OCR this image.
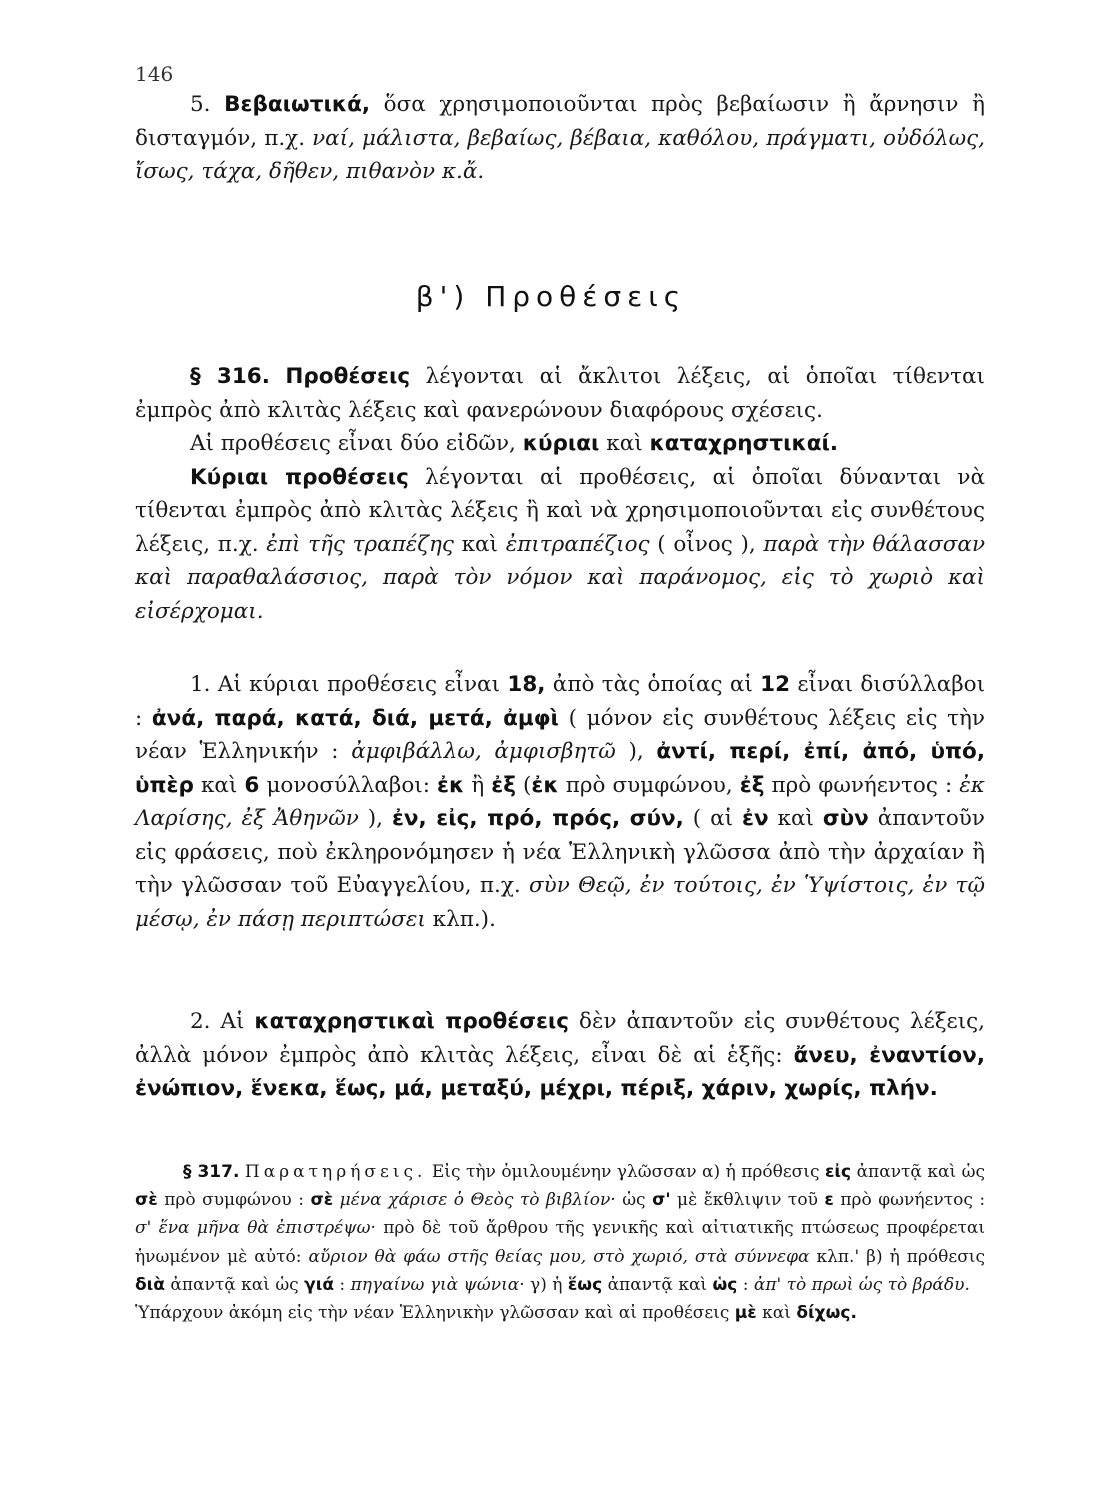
146

5. Βεβαιωτικά, ὅσα χρησιμοποιοῦνται πρὸς βεβαίωσιν ἢ ἄρνησιν ἢ δισταγμόν, π.χ. ναί, μάλιστα, βεβαίως, βέβαια, καθόλου, πράγματι, οὐδόλως, ἴσως, τάχα, δῆθεν, πιθανὸν κ.ἄ.

β') Προθέσεις

§ 316. Προθέσεις λέγονται αἱ ἄκλιτοι λέξεις, αἱ ὁποῖαι τίθενται ἐμπρὸς ἀπὸ κλιτὰς λέξεις καὶ φανερώνουν διαφόρους σχέσεις.
Αἱ προθέσεις εἶναι δύο εἰδῶν, κύριαι καὶ καταχρηστικαί.
Κύριαι προθέσεις λέγονται αἱ προθέσεις, αἱ ὁποῖαι δύνανται νὰ τίθενται ἐμπρὸς ἀπὸ κλιτὰς λέξεις ἢ καὶ νὰ χρησιμοποιοῦνται εἰς συνθέτους λέξεις, π.χ. ἐπὶ τῆς τραπέζης καὶ ἐπιτραπέζιος ( οἶνος ), παρὰ τὴν θάλασσαν καὶ παραθαλάσσιος, παρὰ τὸν νόμον καὶ παράνομος, εἰς τὸ χωριὸ καὶ εἰσέρχομαι.

1. Αἱ κύριαι προθέσεις εἶναι 18, ἀπὸ τὰς ὁποίας αἱ 12 εἶναι δισύλλαβοι : ἀνά, παρά, κατά, διά, μετά, ἀμφὶ ( μόνον εἰς συνθέτους λέξεις εἰς τὴν νέαν Ἑλληνικήν : ἀμφιβάλλω, ἀμφισβητῶ ), ἀντί, περί, ἐπί, ἀπό, ὑπό, ὑπὲρ καὶ 6 μονοσύλλαβοι: ἐκ ἢ ἐξ (ἐκ πρὸ συμφώνου, ἐξ πρὸ φωνήεντος : ἐκ Λαρίσης, ἐξ Ἀθηνῶν ), ἐν, εἰς, πρό, πρός, σύν, ( αἱ ἐν καὶ σὺν ἀπαντοῦν εἰς φράσεις, ποὺ ἐκληρονόμησεν ἡ νέα Ἑλληνικὴ γλῶσσα ἀπὸ τὴν ἀρχαίαν ἢ τὴν γλῶσσαν τοῦ Εὐαγγελίου, π.χ. σὺν Θεῷ, ἐν τούτοις, ἐν Ὑψίστοις, ἐν τῷ μέσῳ, ἐν πάσῃ περιπτώσει κλπ.).

2. Αἱ καταχρηστικαὶ προθέσεις δὲν ἀπαντοῦν εἰς συνθέτους λέξεις, ἀλλὰ μόνον ἐμπρὸς ἀπὸ κλιτὰς λέξεις, εἶναι δὲ αἱ ἑξῆς: ἄνευ, ἐναντίον, ἐνώπιον, ἕνεκα, ἕως, μά, μεταξύ, μέχρι, πέριξ, χάριν, χωρίς, πλήν.

§ 317. Παρατηρήσεις. Εἰς τὴν ὁμιλουμένην γλῶσσαν α) ἡ πρόθεσις εἰς ἀπαντᾷ καὶ ὡς σὲ πρὸ συμφώνου : σὲ μένα χάρισε ὁ Θεὸς τὸ βιβλίον· ὡς σ' μὲ ἔκθλιψιν τοῦ ε πρὸ φωνήεντος : σ' ἕνα μῆνα θὰ ἐπιστρέψω· πρὸ δὲ τοῦ ἄρθρου τῆς γενικῆς καὶ αἰτιατικῆς πτώσεως προφέρεται ἡνωμένον μὲ αὐτό: αὔριον θὰ φάω στῆς θείας μου, στὸ χωριό, στὰ σύννεφα κλπ.' β) ἡ πρόθεσις διὰ ἀπαντᾷ καὶ ὡς γιά : πηγαίνω γιὰ ψώνια· γ) ἡ ἕως ἀπαντᾷ καὶ ὡς : ἀπ' τὸ πρωὶ ὡς τὸ βράδυ.
Ὑπάρχουν ἀκόμη εἰς τὴν νέαν Ἑλληνικὴν γλῶσσαν καὶ αἱ προθέσεις μὲ καὶ δίχως.
